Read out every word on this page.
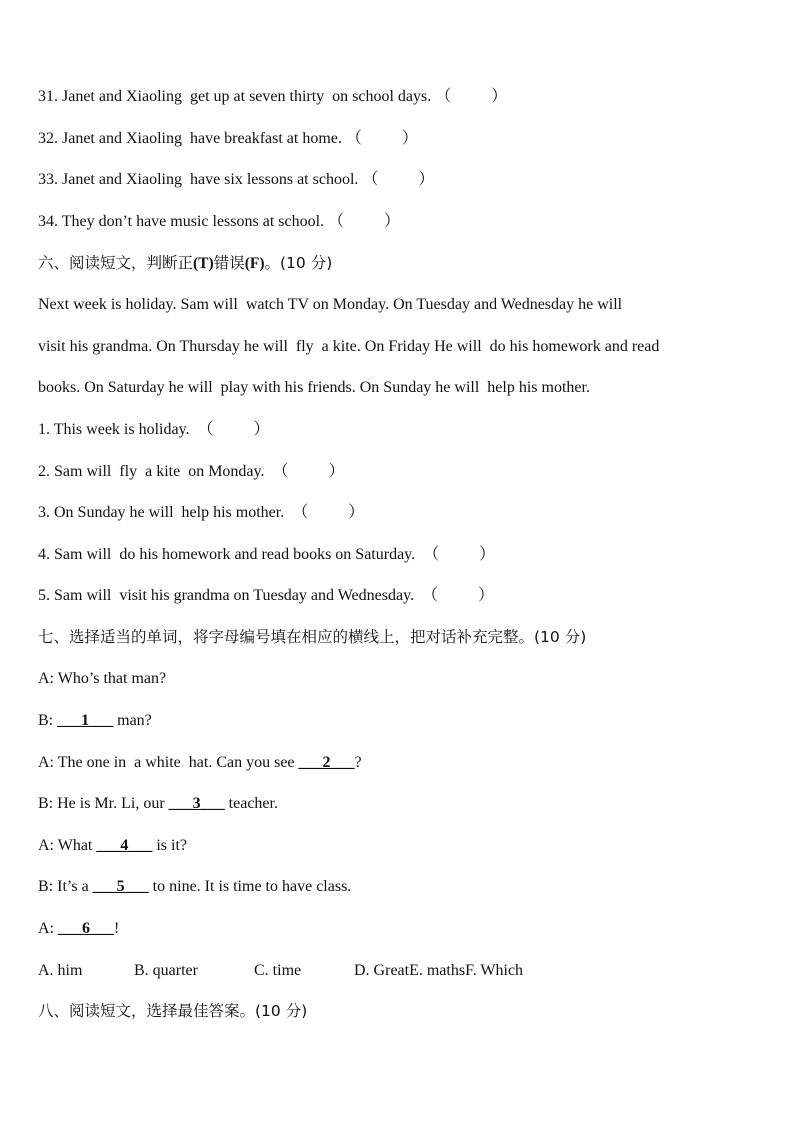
31. Janet and Xiaoling  get up at seven thirty  on school days. （          ）
32. Janet and Xiaoling  have breakfast at home. （          ）
33. Janet and Xiaoling  have six lessons at school. （          ）
34. They don’t have music lessons at school. （          ）
六、阅读短文，判断正(T)错误(F)。(10 分)
Next week is holiday. Sam will  watch TV on Monday. On Tuesday and Wednesday he will
visit his grandma. On Thursday he will  fly  a kite. On Friday He will  do his homework and read
books. On Saturday he will  play with his friends. On Sunday he will  help his mother.
1. This week is holiday.  （          ）
2. Sam will  fly  a kite  on Monday.  （          ）
3. On Sunday he will  help his mother.  （          ）
4. Sam will  do his homework and read books on Saturday.  （          ）
5. Sam will  visit his grandma on Tuesday and Wednesday.  （          ）
七、选择适当的单词，将字母编号填在相应的横线上，把对话补充完整。(10 分)
A: Who’s that man?
B: ___1___ man?
A: The one in  a white  hat. Can you see ___2___?
B: He is Mr. Li, our ___3___ teacher.
A: What ___4___ is it?
B: It’s a ___5___ to nine. It is time to have class.
A: ___6___!
A. him	B. quarter	C. time	D. GreatE. mathsF. Which
八、阅读短文，选择最佳答案。(10 分)
